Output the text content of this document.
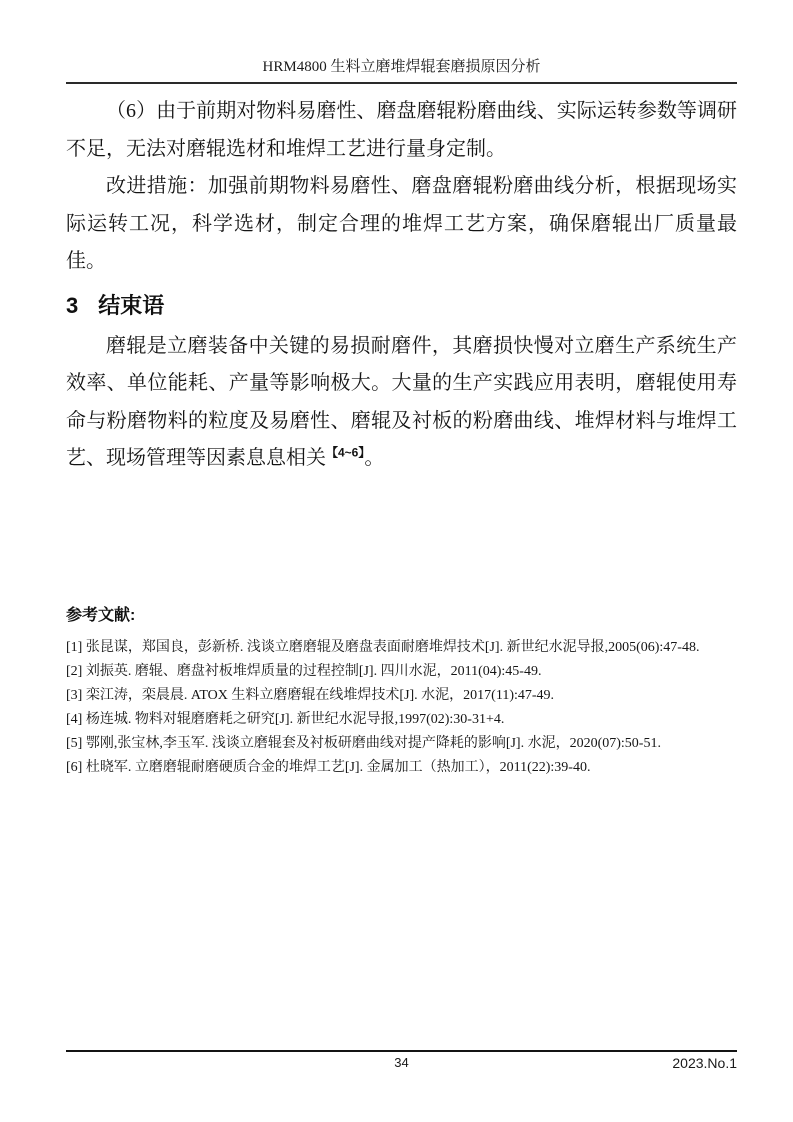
HRM4800 生料立磨堆焊辊套磨损原因分析

（6）由于前期对物料易磨性、磨盘磨辊粉磨曲线、实际运转参数等调研不足，无法对磨辊选材和堆焊工艺进行量身定制。

改进措施：加强前期物料易磨性、磨盘磨辊粉磨曲线分析，根据现场实际运转工况，科学选材，制定合理的堆焊工艺方案，确保磨辊出厂质量最佳。

3 结束语

磨辊是立磨装备中关键的易损耐磨件，其磨损快慢对立磨生产系统生产效率、单位能耗、产量等影响极大。大量的生产实践应用表明，磨辊使用寿命与粉磨物料的粒度及易磨性、磨辊及衬板的粉磨曲线、堆焊材料与堆焊工艺、现场管理等因素息息相关$^{【4\sim 6】}$。

参考文献:
[1] 张昆谋，郑国良，彭新桥. 浅谈立磨磨辊及磨盘表面耐磨堆焊技术[J]. 新世纪水泥导报,2005(06):47-48.
[2] 刘振英. 磨辊、磨盘衬板堆焊质量的过程控制[J]. 四川水泥，2011(04):45-49.
[3] 栾江涛，栾晨晨. ATOX 生料立磨磨辊在线堆焊技术[J]. 水泥，2017(11):47-49.
[4] 杨连城. 物料对辊磨磨耗之研究[J]. 新世纪水泥导报,1997(02):30-31+4.
[5] 鄂刚,张宝林,李玉军. 浅谈立磨辊套及衬板研磨曲线对提产降耗的影响[J]. 水泥，2020(07):50-51.
[6] 杜晓军. 立磨磨辊耐磨硬质合金的堆焊工艺[J]. 金属加工（热加工），2011(22):39-40.
34	2023.No.1
